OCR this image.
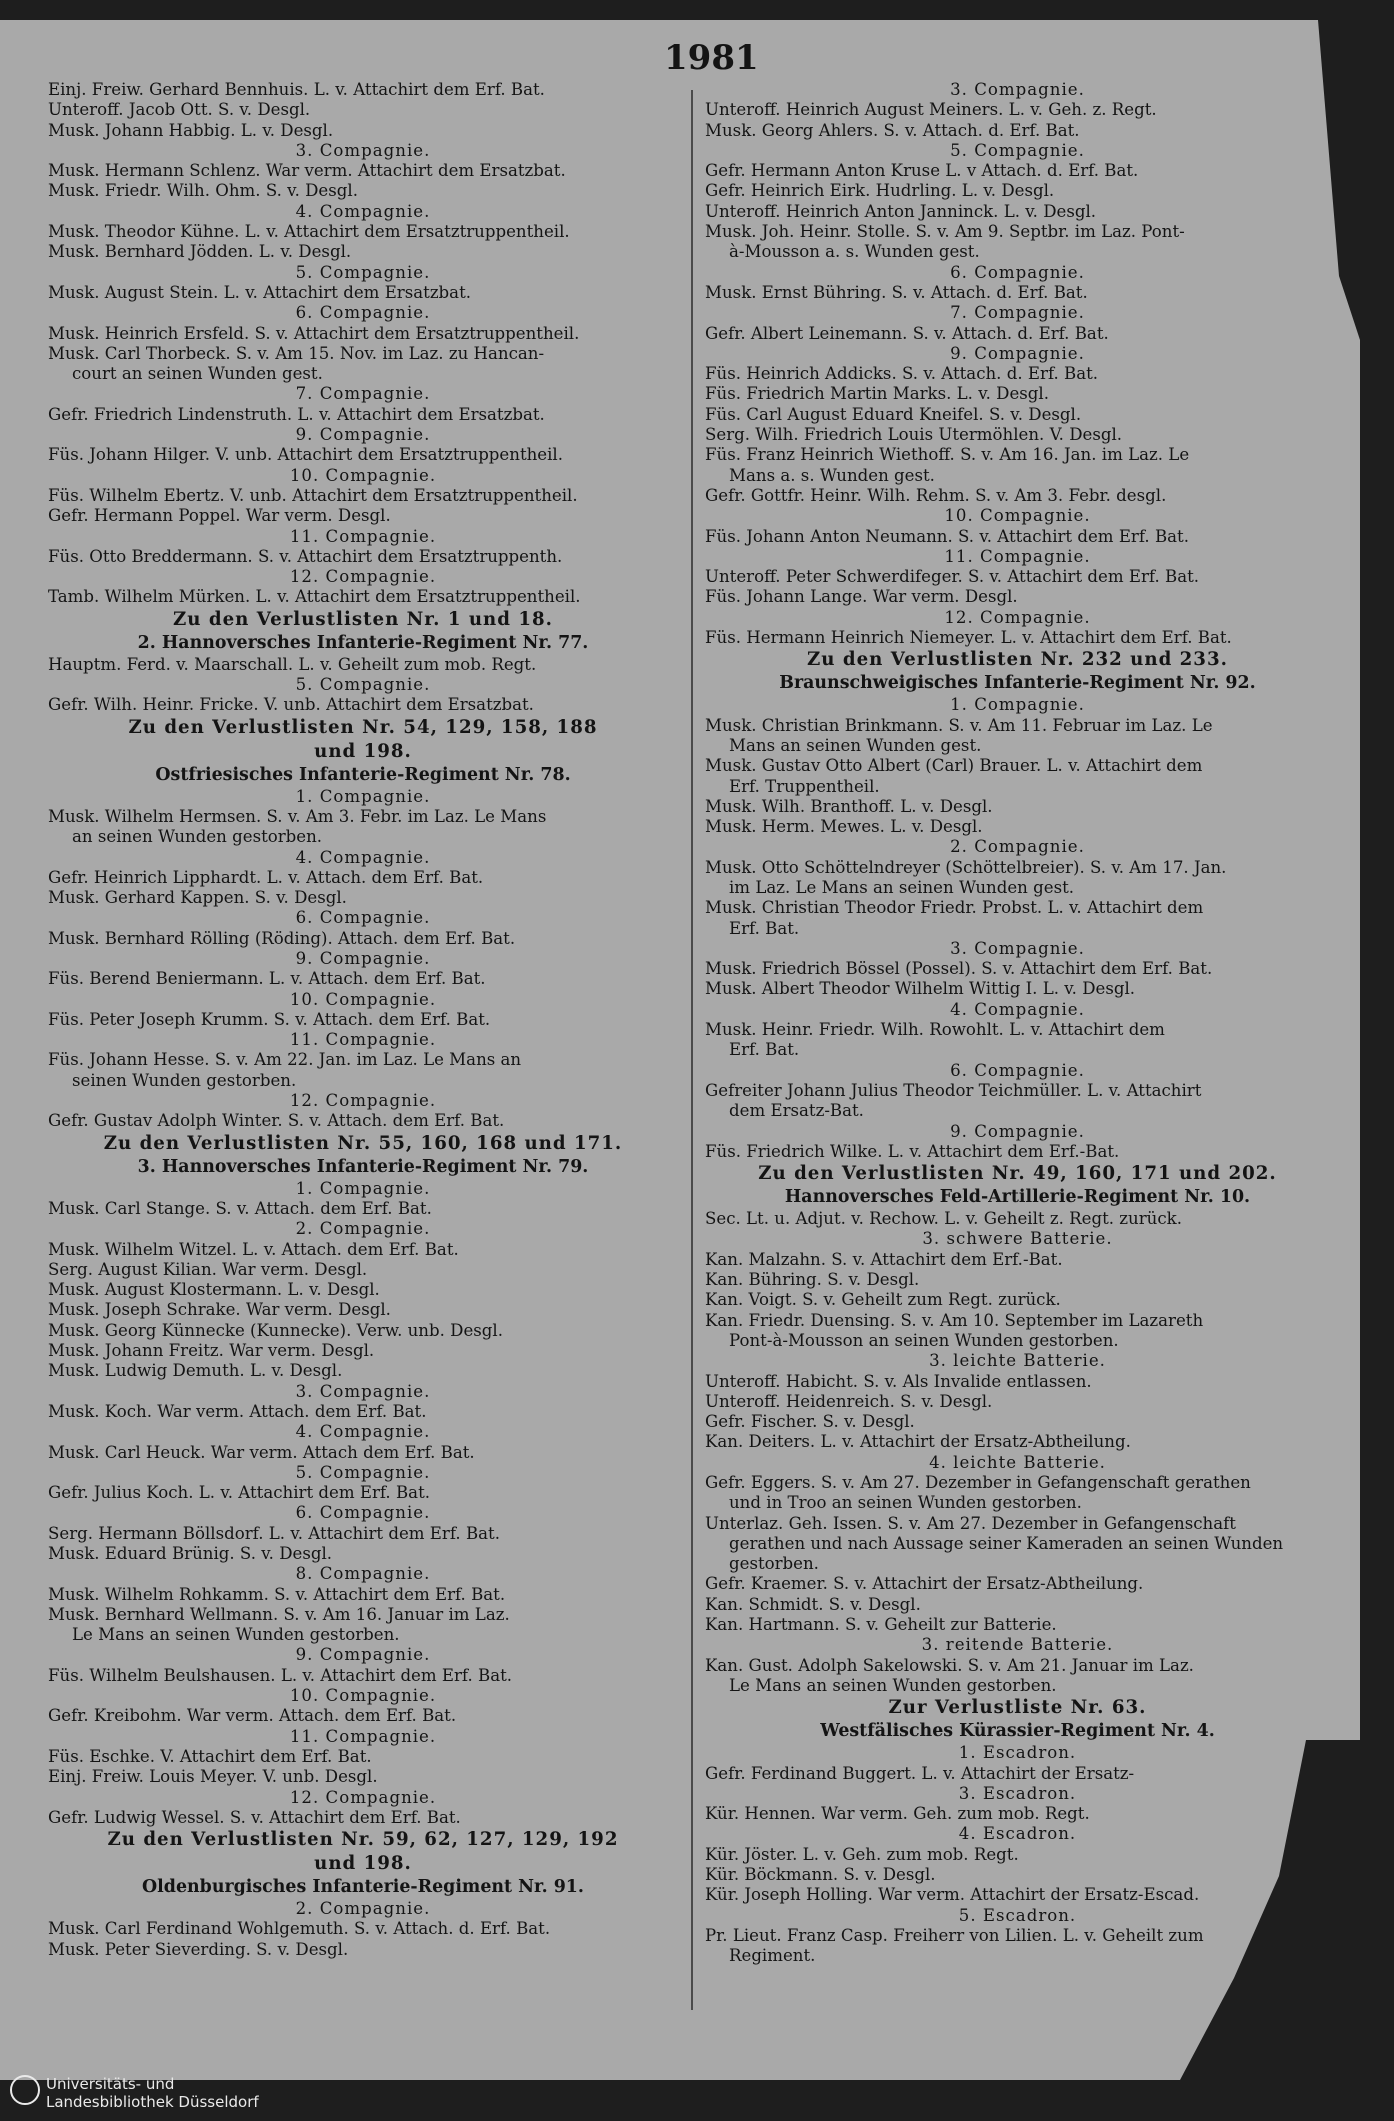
1981
Einj. Freiw. Gerhard Bennhuis. L. v. Attachirt dem Erf. Bat.
Unteroff. Jacob Ott. S. v. Desgl.
Musk. Johann Habbig. L. v. Desgl.
3. Compagnie.
Musk. Hermann Schlenz. War verm. Attachirt dem Ersatzbat.
Musk. Friedr. Wilh. Ohm. S. v. Desgl.
4. Compagnie.
Musk. Theodor Kühne. L. v. Attachirt dem Ersatztruppentheil.
Musk. Bernhard Jödden. L. v. Desgl.
5. Compagnie.
Musk. August Stein. L. v. Attachirt dem Ersatzbat.
6. Compagnie.
Musk. Heinrich Ersfeld. S. v. Attachirt dem Ersatztruppentheil.
Musk. Carl Thorbeck. S. v. Am 15. Nov. im Laz. zu Hancan-
court an seinen Wunden gest.
7. Compagnie.
Gefr. Friedrich Lindenstruth. L. v. Attachirt dem Ersatzbat.
9. Compagnie.
Füs. Johann Hilger. V. unb. Attachirt dem Ersatztruppentheil.
10. Compagnie.
Füs. Wilhelm Ebertz. V. unb. Attachirt dem Ersatztruppentheil.
Gefr. Hermann Poppel. War verm. Desgl.
11. Compagnie.
Füs. Otto Breddermann. S. v. Attachirt dem Ersatztruppenth.
12. Compagnie.
Tamb. Wilhelm Mürken. L. v. Attachirt dem Ersatztruppentheil.
Zu den Verlustlisten Nr. 1 und 18.
2. Hannoversches Infanterie-Regiment Nr. 77.
Hauptm. Ferd. v. Maarschall. L. v. Geheilt zum mob. Regt.
5. Compagnie.
Gefr. Wilh. Heinr. Fricke. V. unb. Attachirt dem Ersatzbat.
Zu den Verlustlisten Nr. 54, 129, 158, 188
und 198.
Ostfriesisches Infanterie-Regiment Nr. 78.
1. Compagnie.
Musk. Wilhelm Hermsen. S. v. Am 3. Febr. im Laz. Le Mans
an seinen Wunden gestorben.
4. Compagnie.
Gefr. Heinrich Lipphardt. L. v. Attach. dem Erf. Bat.
Musk. Gerhard Kappen. S. v. Desgl.
6. Compagnie.
Musk. Bernhard Rölling (Röding). Attach. dem Erf. Bat.
9. Compagnie.
Füs. Berend Beniermann. L. v. Attach. dem Erf. Bat.
10. Compagnie.
Füs. Peter Joseph Krumm. S. v. Attach. dem Erf. Bat.
11. Compagnie.
Füs. Johann Hesse. S. v. Am 22. Jan. im Laz. Le Mans an
seinen Wunden gestorben.
12. Compagnie.
Gefr. Gustav Adolph Winter. S. v. Attach. dem Erf. Bat.
Zu den Verlustlisten Nr. 55, 160, 168 und 171.
3. Hannoversches Infanterie-Regiment Nr. 79.
1. Compagnie.
Musk. Carl Stange. S. v. Attach. dem Erf. Bat.
2. Compagnie.
Musk. Wilhelm Witzel. L. v. Attach. dem Erf. Bat.
Serg. August Kilian. War verm. Desgl.
Musk. August Klostermann. L. v. Desgl.
Musk. Joseph Schrake. War verm. Desgl.
Musk. Georg Künnecke (Kunnecke). Verw. unb. Desgl.
Musk. Johann Freitz. War verm. Desgl.
Musk. Ludwig Demuth. L. v. Desgl.
3. Compagnie.
Musk. Koch. War verm. Attach. dem Erf. Bat.
4. Compagnie.
Musk. Carl Heuck. War verm. Attach dem Erf. Bat.
5. Compagnie.
Gefr. Julius Koch. L. v. Attachirt dem Erf. Bat.
6. Compagnie.
Serg. Hermann Böllsdorf. L. v. Attachirt dem Erf. Bat.
Musk. Eduard Brünig. S. v. Desgl.
8. Compagnie.
Musk. Wilhelm Rohkamm. S. v. Attachirt dem Erf. Bat.
Musk. Bernhard Wellmann. S. v. Am 16. Januar im Laz.
Le Mans an seinen Wunden gestorben.
9. Compagnie.
Füs. Wilhelm Beulshausen. L. v. Attachirt dem Erf. Bat.
10. Compagnie.
Gefr. Kreibohm. War verm. Attach. dem Erf. Bat.
11. Compagnie.
Füs. Eschke. V. Attachirt dem Erf. Bat.
Einj. Freiw. Louis Meyer. V. unb. Desgl.
12. Compagnie.
Gefr. Ludwig Wessel. S. v. Attachirt dem Erf. Bat.
Zu den Verlustlisten Nr. 59, 62, 127, 129, 192
und 198.
Oldenburgisches Infanterie-Regiment Nr. 91.
2. Compagnie.
Musk. Carl Ferdinand Wohlgemuth. S. v. Attach. d. Erf. Bat.
Musk. Peter Sieverding. S. v. Desgl.
3. Compagnie.
Unteroff. Heinrich August Meiners. L. v. Geh. z. Regt.
Musk. Georg Ahlers. S. v. Attach. d. Erf. Bat.
5. Compagnie.
Gefr. Hermann Anton Kruse L. v Attach. d. Erf. Bat.
Gefr. Heinrich Eirk. Hudrling. L. v. Desgl.
Unteroff. Heinrich Anton Janninck. L. v. Desgl.
Musk. Joh. Heinr. Stolle. S. v. Am 9. Septbr. im Laz. Pont-
à-Mousson a. s. Wunden gest.
6. Compagnie.
Musk. Ernst Bühring. S. v. Attach. d. Erf. Bat.
7. Compagnie.
Gefr. Albert Leinemann. S. v. Attach. d. Erf. Bat.
9. Compagnie.
Füs. Heinrich Addicks. S. v. Attach. d. Erf. Bat.
Füs. Friedrich Martin Marks. L. v. Desgl.
Füs. Carl August Eduard Kneifel. S. v. Desgl.
Serg. Wilh. Friedrich Louis Utermöhlen. V. Desgl.
Füs. Franz Heinrich Wiethoff. S. v. Am 16. Jan. im Laz. Le
Mans a. s. Wunden gest.
Gefr. Gottfr. Heinr. Wilh. Rehm. S. v. Am 3. Febr. desgl.
10. Compagnie.
Füs. Johann Anton Neumann. S. v. Attachirt dem Erf. Bat.
11. Compagnie.
Unteroff. Peter Schwerdifeger. S. v. Attachirt dem Erf. Bat.
Füs. Johann Lange. War verm. Desgl.
12. Compagnie.
Füs. Hermann Heinrich Niemeyer. L. v. Attachirt dem Erf. Bat.
Zu den Verlustlisten Nr. 232 und 233.
Braunschweigisches Infanterie-Regiment Nr. 92.
1. Compagnie.
Musk. Christian Brinkmann. S. v. Am 11. Februar im Laz. Le
Mans an seinen Wunden gest.
Musk. Gustav Otto Albert (Carl) Brauer. L. v. Attachirt dem
Erf. Truppentheil.
Musk. Wilh. Branthoff. L. v. Desgl.
Musk. Herm. Mewes. L. v. Desgl.
2. Compagnie.
Musk. Otto Schöttelndreyer (Schöttelbreier). S. v. Am 17. Jan.
im Laz. Le Mans an seinen Wunden gest.
Musk. Christian Theodor Friedr. Probst. L. v. Attachirt dem
Erf. Bat.
3. Compagnie.
Musk. Friedrich Bössel (Possel). S. v. Attachirt dem Erf. Bat.
Musk. Albert Theodor Wilhelm Wittig I. L. v. Desgl.
4. Compagnie.
Musk. Heinr. Friedr. Wilh. Rowohlt. L. v. Attachirt dem
Erf. Bat.
6. Compagnie.
Gefreiter Johann Julius Theodor Teichmüller. L. v. Attachirt
dem Ersatz-Bat.
9. Compagnie.
Füs. Friedrich Wilke. L. v. Attachirt dem Erf.-Bat.
Zu den Verlustlisten Nr. 49, 160, 171 und 202.
Hannoversches Feld-Artillerie-Regiment Nr. 10.
Sec. Lt. u. Adjut. v. Rechow. L. v. Geheilt z. Regt. zurück.
3. schwere Batterie.
Kan. Malzahn. S. v. Attachirt dem Erf.-Bat.
Kan. Bühring. S. v. Desgl.
Kan. Voigt. S. v. Geheilt zum Regt. zurück.
Kan. Friedr. Duensing. S. v. Am 10. September im Lazareth
Pont-à-Mousson an seinen Wunden gestorben.
3. leichte Batterie.
Unteroff. Habicht. S. v. Als Invalide entlassen.
Unteroff. Heidenreich. S. v. Desgl.
Gefr. Fischer. S. v. Desgl.
Kan. Deiters. L. v. Attachirt der Ersatz-Abtheilung.
4. leichte Batterie.
Gefr. Eggers. S. v. Am 27. Dezember in Gefangenschaft gerathen
und in Troo an seinen Wunden gestorben.
Unterlaz. Geh. Issen. S. v. Am 27. Dezember in Gefangenschaft
gerathen und nach Aussage seiner Kameraden an seinen Wunden
gestorben.
Gefr. Kraemer. S. v. Attachirt der Ersatz-Abtheilung.
Kan. Schmidt. S. v. Desgl.
Kan. Hartmann. S. v. Geheilt zur Batterie.
3. reitende Batterie.
Kan. Gust. Adolph Sakelowski. S. v. Am 21. Januar im Laz.
Le Mans an seinen Wunden gestorben.
Zur Verlustliste Nr. 63.
Westfälisches Kürassier-Regiment Nr. 4.
1. Escadron.
Gefr. Ferdinand Buggert. L. v. Attachirt der Ersatz-
3. Escadron.
Kür. Hennen. War verm. Geh. zum mob. Regt.
4. Escadron.
Kür. Jöster. L. v. Geh. zum mob. Regt.
Kür. Böckmann. S. v. Desgl.
Kür. Joseph Holling. War verm. Attachirt der Ersatz-Escad.
5. Escadron.
Pr. Lieut. Franz Casp. Freiherr von Lilien. L. v. Geheilt zum
Regiment.
Universitäts- und
Landesbibliothek Düsseldorf
